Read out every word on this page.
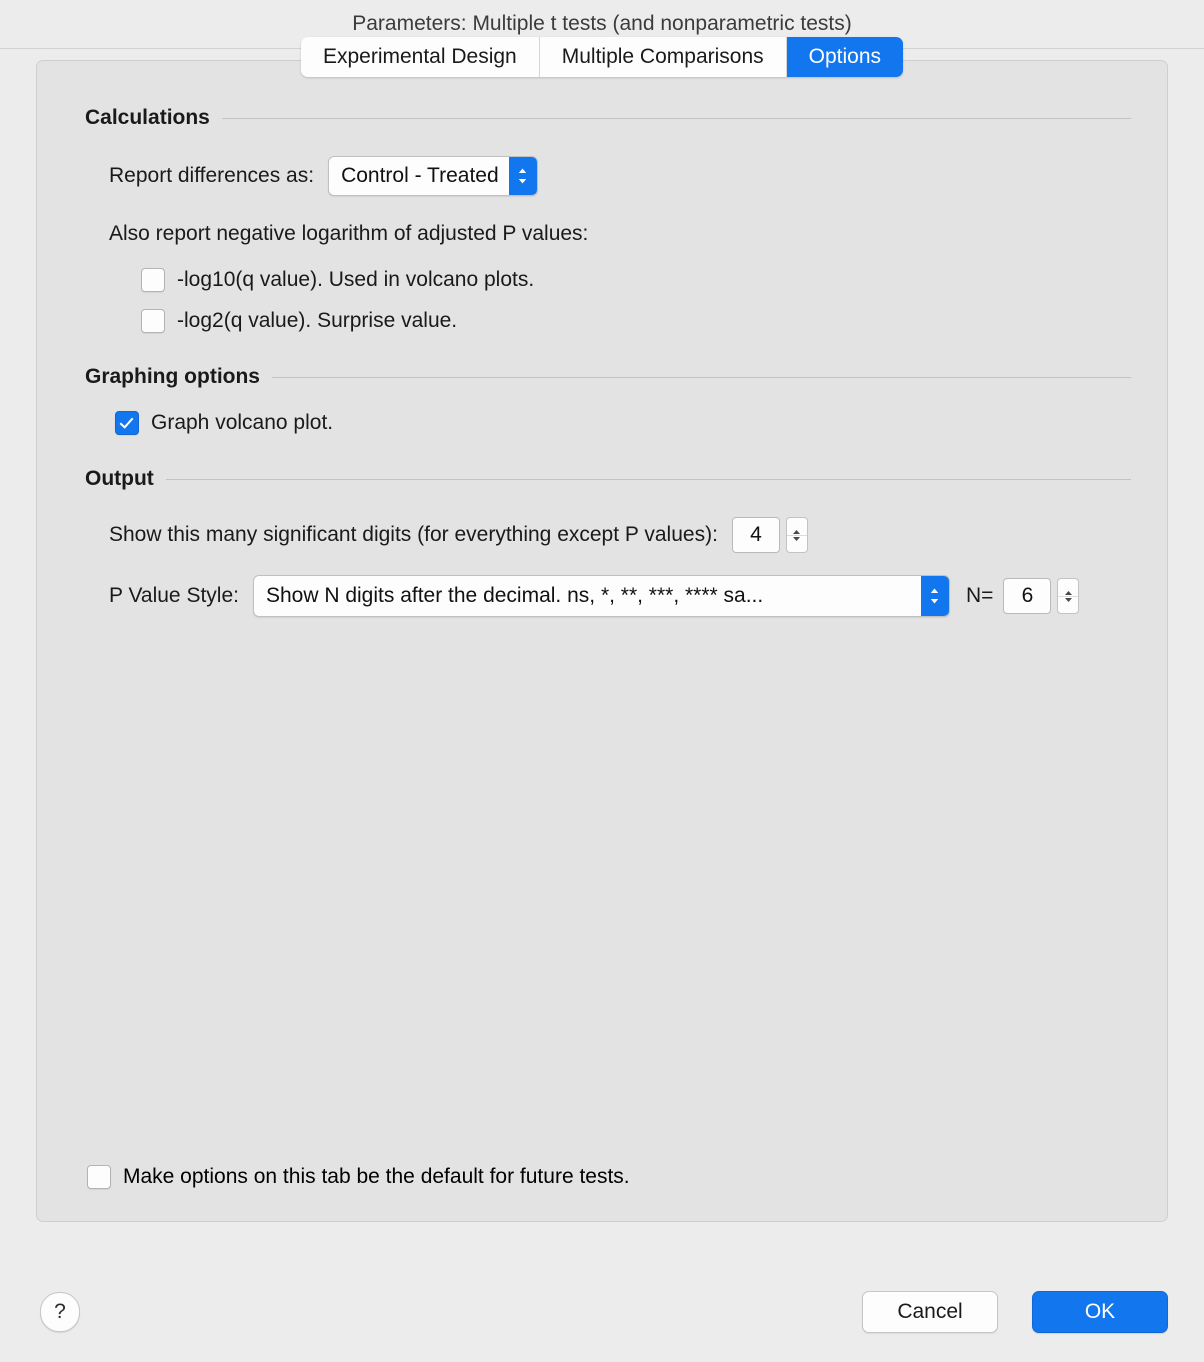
Parameters: Multiple t tests (and nonparametric tests)
Experimental Design	Multiple Comparisons	Options
Calculations
Report differences as:	Control - Treated
Also report negative logarithm of adjusted P values:
-log10(q value). Used in volcano plots.
-log2(q value). Surprise value.
Graphing options
Graph volcano plot.
Output
Show this many significant digits (for everything except P values):	4
P Value Style:	Show N digits after the decimal. ns, *, **, ***, **** sa...	N=	6
Make options on this tab be the default for future tests.
?	Cancel	OK
